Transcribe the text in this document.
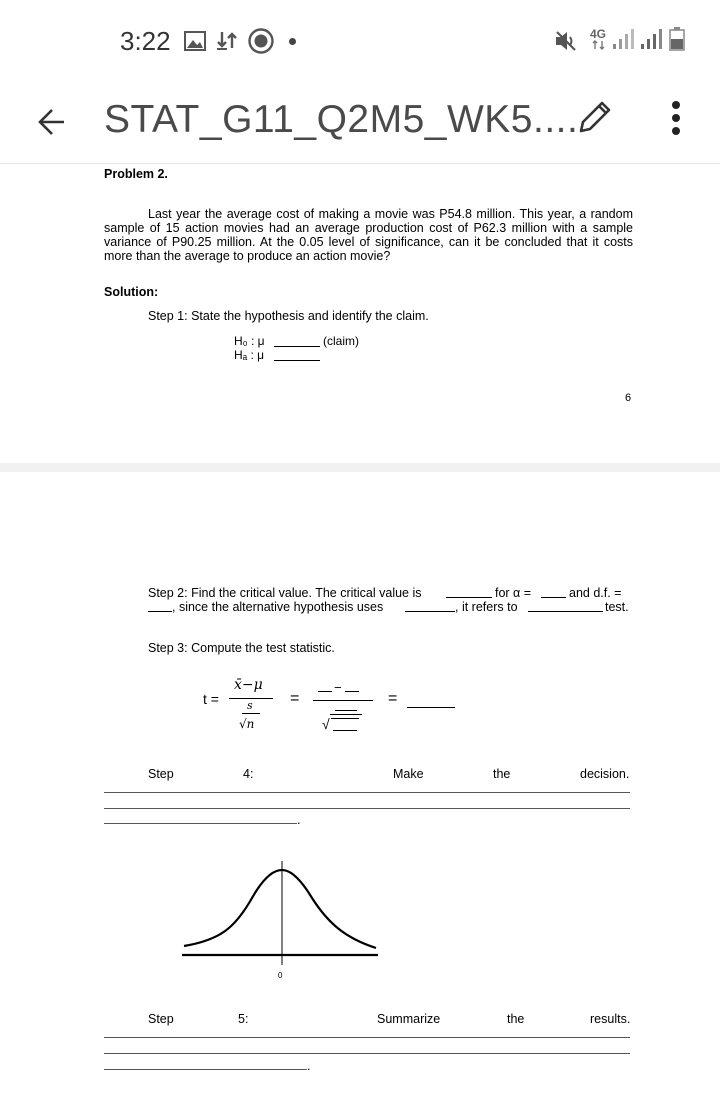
3:22	4G
STAT_G11_Q2M5_WK5....
Problem 2.

Last year the average cost of making a movie was P54.8 million. This year, a random sample of 15 action movies had an average production cost of P62.3 million with a sample variance of P90.25 million. At the 0.05 level of significance, can it be concluded that it costs more than the average to produce an action movie?

Solution:
Step 1: State the hypothesis and identify the claim.
H₀ : μ	(claim)
Hₐ : μ
6
Step 2: Find the critical value. The critical value is	for α =	and d.f. =
, since the alternative hypothesis uses	, it refers to	test.
Step 3: Compute the test statistic.
t =
x̄−μ
s
√n
=
−
√
=
Step	4:	Make	the	decision.
.
0
Step	5:	Summarize	the	results.
.
